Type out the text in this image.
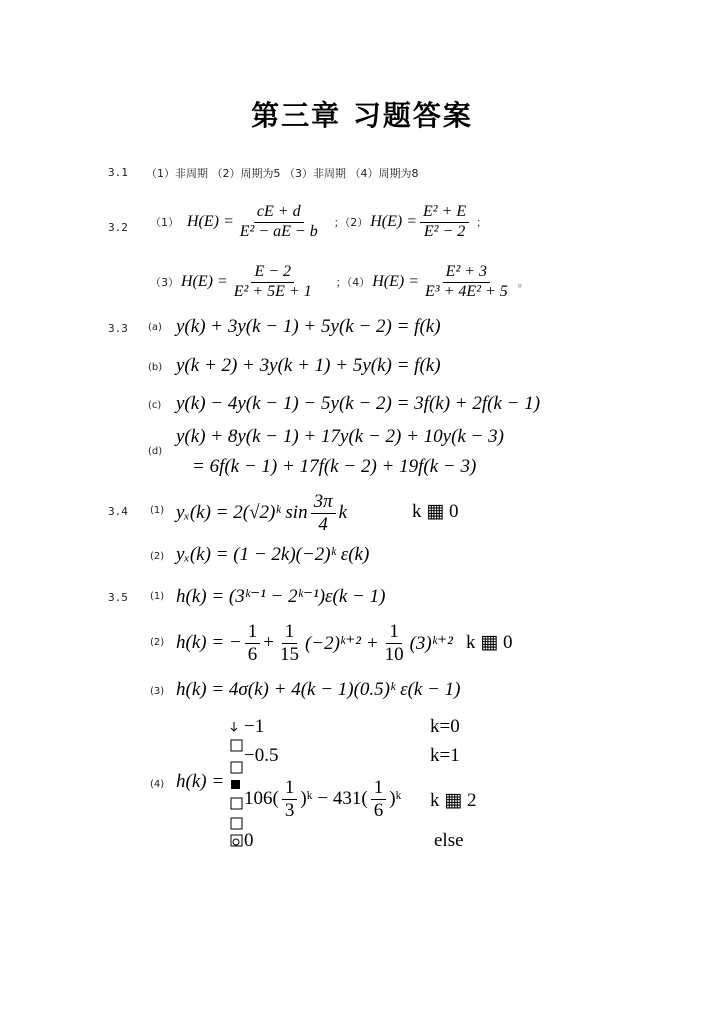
第三章 习题答案
3.1 （1）非周期 （2）周期为5 （3）非周期 （4）周期为8
3.2 （1） $H(E) = \frac{cE + d}{\text{E² − aE − b}}$ ；（2） $H(E) = \frac{\text{E² + E}}{\text{E² − 2}}$ ；
（3） $H(E) = \frac{E - 2}{\text{E² + 5E + 1}}$ ；（4） $H(E) = \frac{\text{E² + 3}}{\text{E³ + 4E² + 5}}$ 。
3.3 (a) y(k) + 3y(k − 1) + 5y(k − 2) = f(k)
(b) y(k + 2) + 3y(k + 1) + 5y(k) = f(k)
(c) y(k) − 4y(k − 1) − 5y(k − 2) = 3f(k) + 2f(k − 1)
(d)
y(k) + 8y(k − 1) + 17y(k − 2) + 10y(k − 3)
= 6f(k − 1) + 17f(k − 2) + 19f(k − 3)
3.4 (1) yₓ(k) = 2(√2)ᵏ $\sin \frac{3\pi}{4}$ k	k ▦ 0
(2) yₓ(k) = (1 − 2k)(−2)ᵏ ε(k)
3.5 (1) h(k) = (3ᵏ⁻¹ − 2ᵏ⁻¹)ε(k − 1)
(2) h(k) = − $\frac{1}{6} + \frac{1}{15}$ (−2)ᵏ⁺² + $\frac{1}{10}$ (3)ᵏ⁺² k ▦ 0
(3) h(k) = 4σ(k) + 4(k − 1)(0.5)ᵏ ε(k − 1)
(4) h(k) =
−1	k=0
−0.5	k=1
$106( \frac{1}{3}$ )ᵏ − $431( \frac{1}{6}$ )ᵏ k ▦ 2
0	else
